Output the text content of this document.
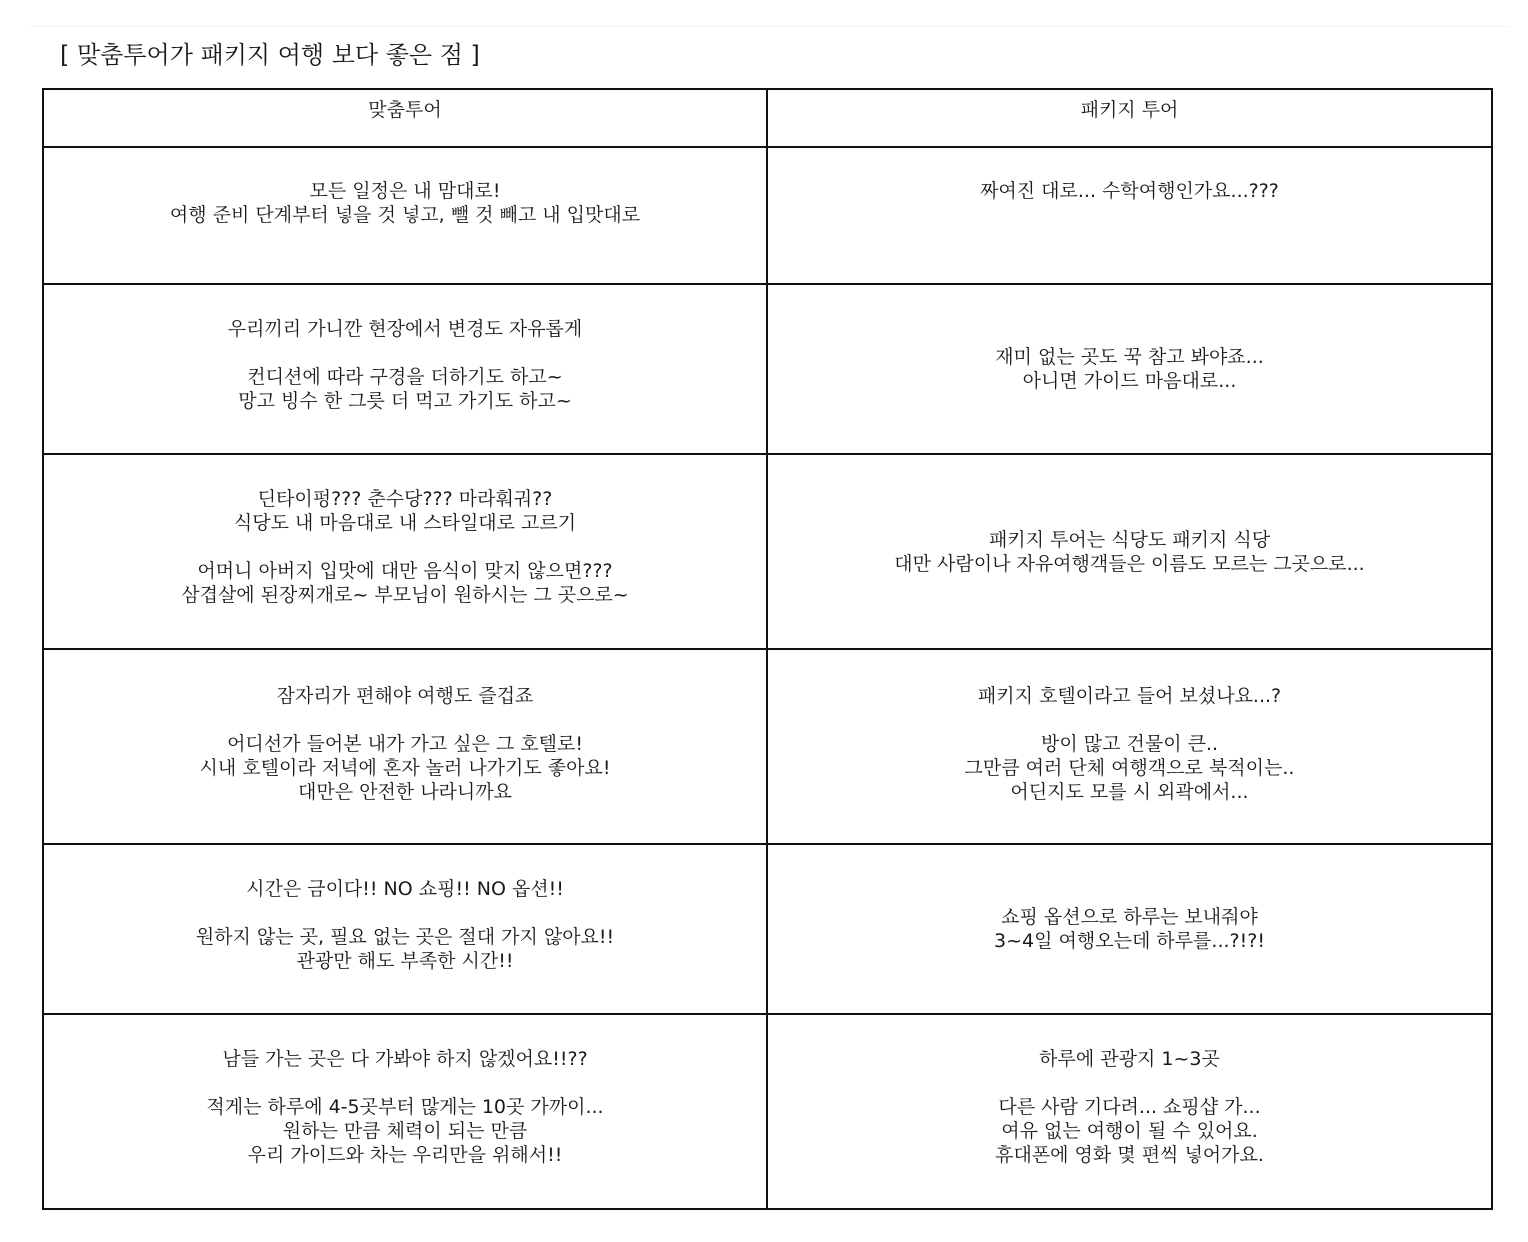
[ 맞춤투어가 패키지 여행 보다 좋은 점 ]
맞춤투어	패키지 투어

모든 일정은 내 맘대로!
여행 준비 단계부터 넣을 것 넣고, 뺄 것 빼고 내 입맛대로	짜여진 대로... 수학여행인가요...???

우리끼리 가니깐 현장에서 변경도 자유롭게
컨디션에 따라 구경을 더하기도 하고~
망고 빙수 한 그릇 더 먹고 가기도 하고~	재미 없는 곳도 꾹 참고 봐야죠...
아니면 가이드 마음대로...

딘타이펑??? 춘수당??? 마라훠궈??
식당도 내 마음대로 내 스타일대로 고르기
어머니 아버지 입맛에 대만 음식이 맞지 않으면???
삼겹살에 된장찌개로~ 부모님이 원하시는 그 곳으로~	패키지 투어는 식당도 패키지 식당
대만 사람이나 자유여행객들은 이름도 모르는 그곳으로...

잠자리가 편해야 여행도 즐겁죠
어디선가 들어본 내가 가고 싶은 그 호텔로!
시내 호텔이라 저녁에 혼자 놀러 나가기도 좋아요!
대만은 안전한 나라니까요	패키지 호텔이라고 들어 보셨나요...?
방이 많고 건물이 큰..
그만큼 여러 단체 여행객으로 북적이는..
어딘지도 모를 시 외곽에서...

시간은 금이다!! NO 쇼핑!! NO 옵션!!
원하지 않는 곳, 필요 없는 곳은 절대 가지 않아요!!
관광만 해도 부족한 시간!!	쇼핑 옵션으로 하루는 보내줘야
3~4일 여행오는데 하루를...?!?!

남들 가는 곳은 다 가봐야 하지 않겠어요!!??
적게는 하루에 4-5곳부터 많게는 10곳 가까이...
원하는 만큼 체력이 되는 만큼
우리 가이드와 차는 우리만을 위해서!!	하루에 관광지 1~3곳
다른 사람 기다려... 쇼핑샵 가...
여유 없는 여행이 될 수 있어요.
휴대폰에 영화 몇 편씩 넣어가요.
